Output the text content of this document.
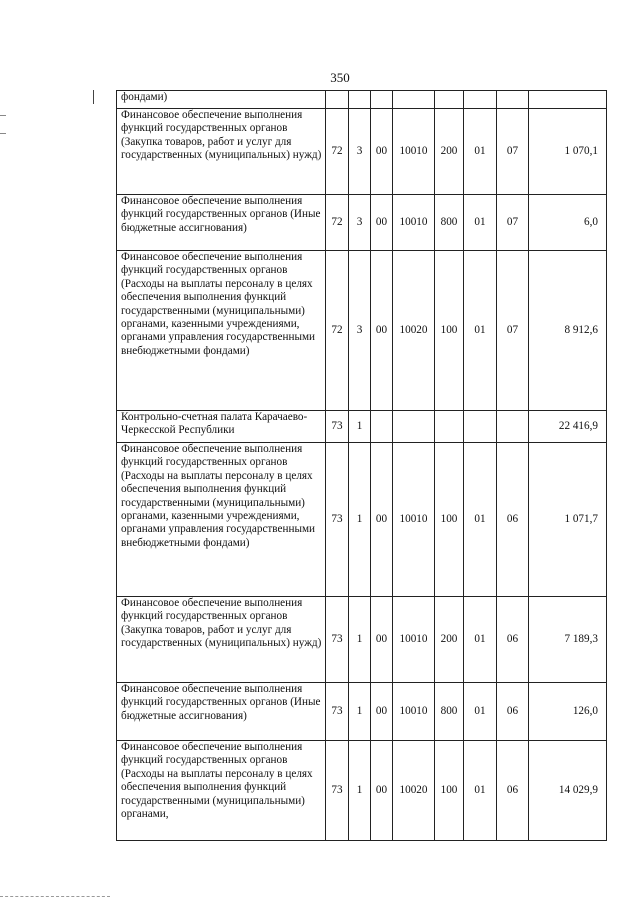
350
фондами)								
Финансовое обеспечение выполнения функций государственных органов (Закупка товаров, работ и услуг для государственных (муниципальных) нужд)	72	3	00	10010	200	01	07	1 070,1
Финансовое обеспечение выполнения функций государственных органов (Иные бюджетные ассигнования)	72	3	00	10010	800	01	07	6,0
Финансовое обеспечение выполнения функций государственных органов (Расходы на выплаты персоналу в целях обеспечения выполнения функций государственными (муниципальными) органами, казенными учреждениями, органами управления государственными внебюджетными фондами)	72	3	00	10020	100	01	07	8 912,6
Контрольно-счетная палата Карачаево-Черкесской Республики	73	1						22 416,9
Финансовое обеспечение выполнения функций государственных органов (Расходы на выплаты персоналу в целях обеспечения выполнения функций государственными (муниципальными) органами, казенными учреждениями, органами управления государственными внебюджетными фондами)	73	1	00	10010	100	01	06	1 071,7
Финансовое обеспечение выполнения функций государственных органов (Закупка товаров, работ и услуг для государственных (муниципальных) нужд)	73	1	00	10010	200	01	06	7 189,3
Финансовое обеспечение выполнения функций государственных органов (Иные бюджетные ассигнования)	73	1	00	10010	800	01	06	126,0
Финансовое обеспечение выполнения функций государственных органов (Расходы на выплаты персоналу в целях обеспечения выполнения функций государственными (муниципальными) органами,	73	1	00	10020	100	01	06	14 029,9
